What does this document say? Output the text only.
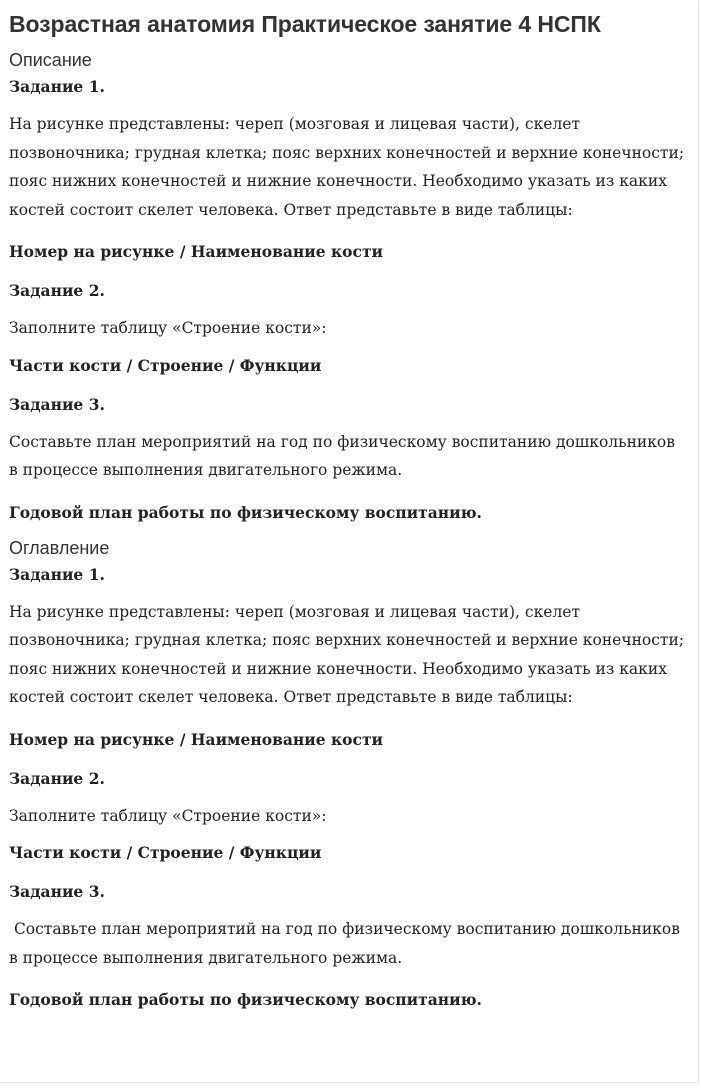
Возрастная анатомия Практическое занятие 4 НСПК
Описание

Задание 1.

На рисунке представлены: череп (мозговая и лицевая части), скелет позвоночника; грудная клетка; пояс верхних конечностей и верхние конечности; пояс нижних конечностей и нижние конечности. Необходимо указать из каких костей состоит скелет человека. Ответ представьте в виде таблицы:

Номер на рисунке / Наименование кости

Задание 2.

Заполните таблицу «Строение кости»:

Части кости / Строение / Функции

Задание 3.

Составьте план мероприятий на год по физическому воспитанию дошкольников в процессе выполнения двигательного режима.

Годовой план работы по физическому воспитанию.

Оглавление

Задание 1.

На рисунке представлены: череп (мозговая и лицевая части), скелет позвоночника; грудная клетка; пояс верхних конечностей и верхние конечности; пояс нижних конечностей и нижние конечности. Необходимо указать из каких костей состоит скелет человека. Ответ представьте в виде таблицы:

Номер на рисунке / Наименование кости

Задание 2.

Заполните таблицу «Строение кости»:

Части кости / Строение / Функции

Задание 3.

Составьте план мероприятий на год по физическому воспитанию дошкольников в процессе выполнения двигательного режима.

Годовой план работы по физическому воспитанию.
